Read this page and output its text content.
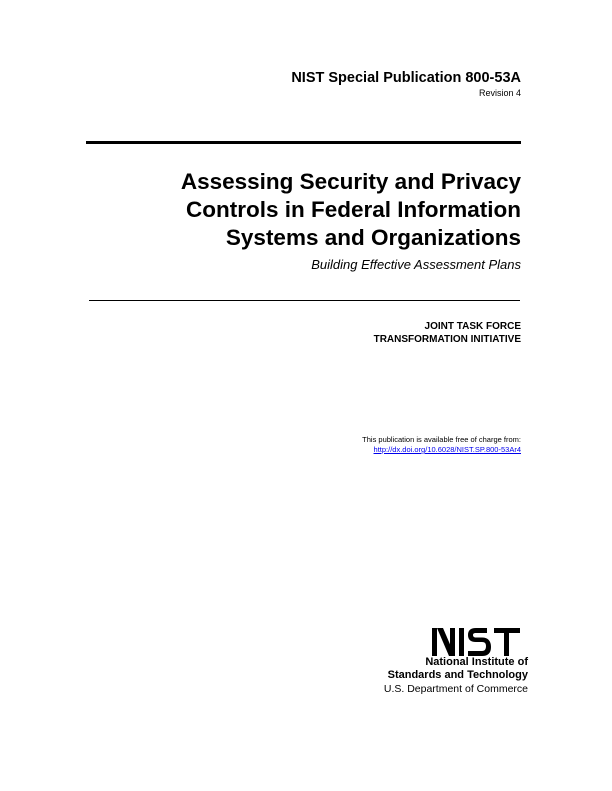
NIST Special Publication 800-53A
Revision 4
Assessing Security and Privacy
Controls in Federal Information
Systems and Organizations
Building Effective Assessment Plans
JOINT TASK FORCE
TRANSFORMATION INITIATIVE
This publication is available free of charge from:
http://dx.doi.org/10.6028/NIST.SP.800-53Ar4
National Institute of
Standards and Technology
U.S. Department of Commerce
